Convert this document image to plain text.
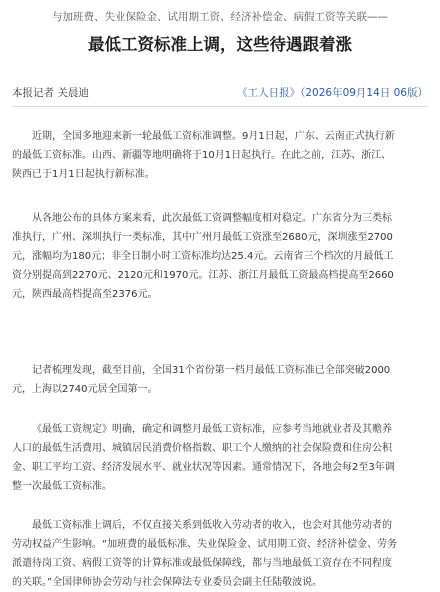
与加班费、失业保险金、试用期工资、经济补偿金、病假工资等关联——
最低工资标准上调，这些待遇跟着涨
本报记者 关晨迪	《工人日报》（2026年09月14日 06版）
近期，全国多地迎来新一轮最低工资标准调整。9月1日起，广东、云南正式执行新
的最低工资标准。山西、新疆等地明确将于10月1日起执行。在此之前，江苏、浙江、
陕西已于1月1日起执行新标准。
从各地公布的具体方案来看，此次最低工资调整幅度相对稳定。广东省分为三类标
准执行，广州、深圳执行一类标准，其中广州月最低工资涨至2680元，深圳涨至2700
元，涨幅均为180元；非全日制小时工资标准均达25.4元。云南省三个档次的月最低工
资分别提高到2270元、2120元和1970元。江苏、浙江月最低工资最高档提高至2660
元，陕西最高档提高至2376元。
记者梳理发现，截至目前，全国31个省份第一档月最低工资标准已全部突破2000
元，上海以2740元居全国第一。
《最低工资规定》明确，确定和调整月最低工资标准，应参考当地就业者及其赡养
人口的最低生活费用、城镇居民消费价格指数、职工个人缴纳的社会保险费和住房公积
金、职工平均工资、经济发展水平、就业状况等因素。通常情况下，各地会每2至3年调
整一次最低工资标准。
最低工资标准上调后，不仅直接关系到低收入劳动者的收入，也会对其他劳动者的
劳动权益产生影响。“加班费的最低标准、失业保险金、试用期工资、经济补偿金、劳务
派遣待岗工资、病假工资等的计算标准或最低保障线，都与当地最低工资存在不同程度
的关联。”全国律师协会劳动与社会保障法专业委员会副主任陆敬波说。
